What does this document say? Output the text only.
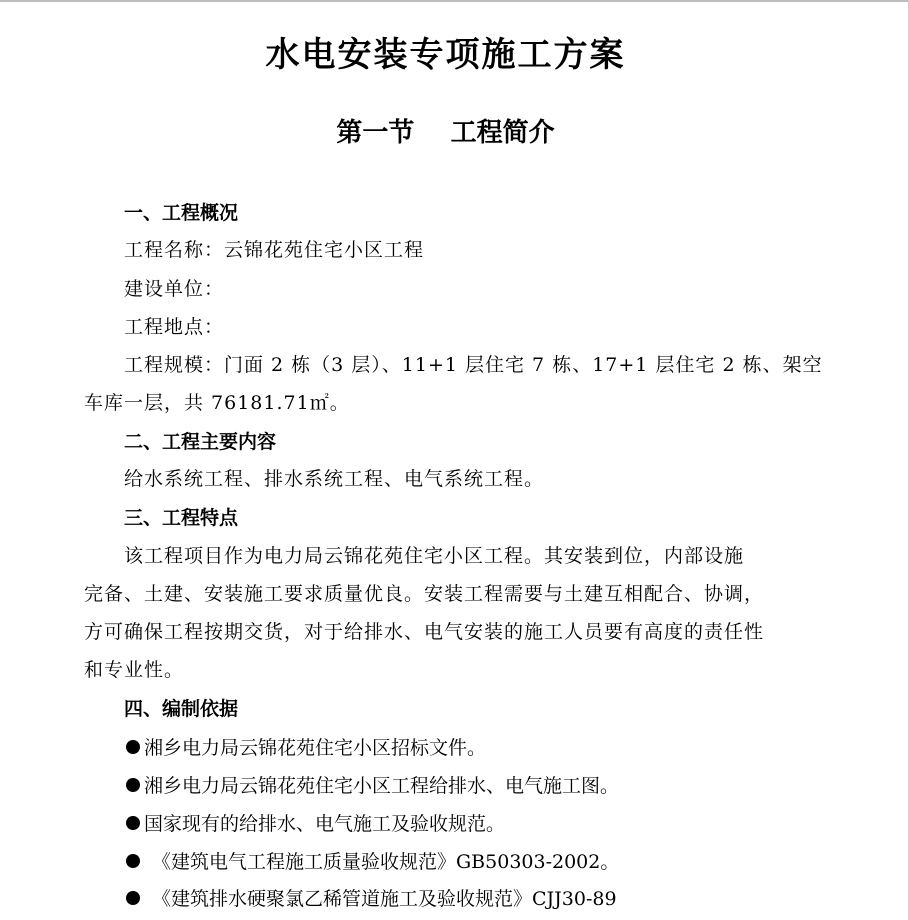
水电安装专项施工方案
第一节    工程简介
一、工程概况
工程名称：云锦花苑住宅小区工程
建设单位：
工程地点：
工程规模：门面 2 栋（3 层）、11+1 层住宅 7 栋、17+1 层住宅 2 栋、架空
车库一层，共 76181.71㎡。
二、工程主要内容
给水系统工程、排水系统工程、电气系统工程。
三、工程特点
该工程项目作为电力局云锦花苑住宅小区工程。其安装到位，内部设施
完备、土建、安装施工要求质量优良。安装工程需要与土建互相配合、协调，
方可确保工程按期交货，对于给排水、电气安装的施工人员要有高度的责任性
和专业性。
四、编制依据
湘乡电力局云锦花苑住宅小区招标文件。
湘乡电力局云锦花苑住宅小区工程给排水、电气施工图。
国家现有的给排水、电气施工及验收规范。
《建筑电气工程施工质量验收规范》GB50303-2002。
《建筑排水硬聚氯乙稀管道施工及验收规范》CJJ30-89
